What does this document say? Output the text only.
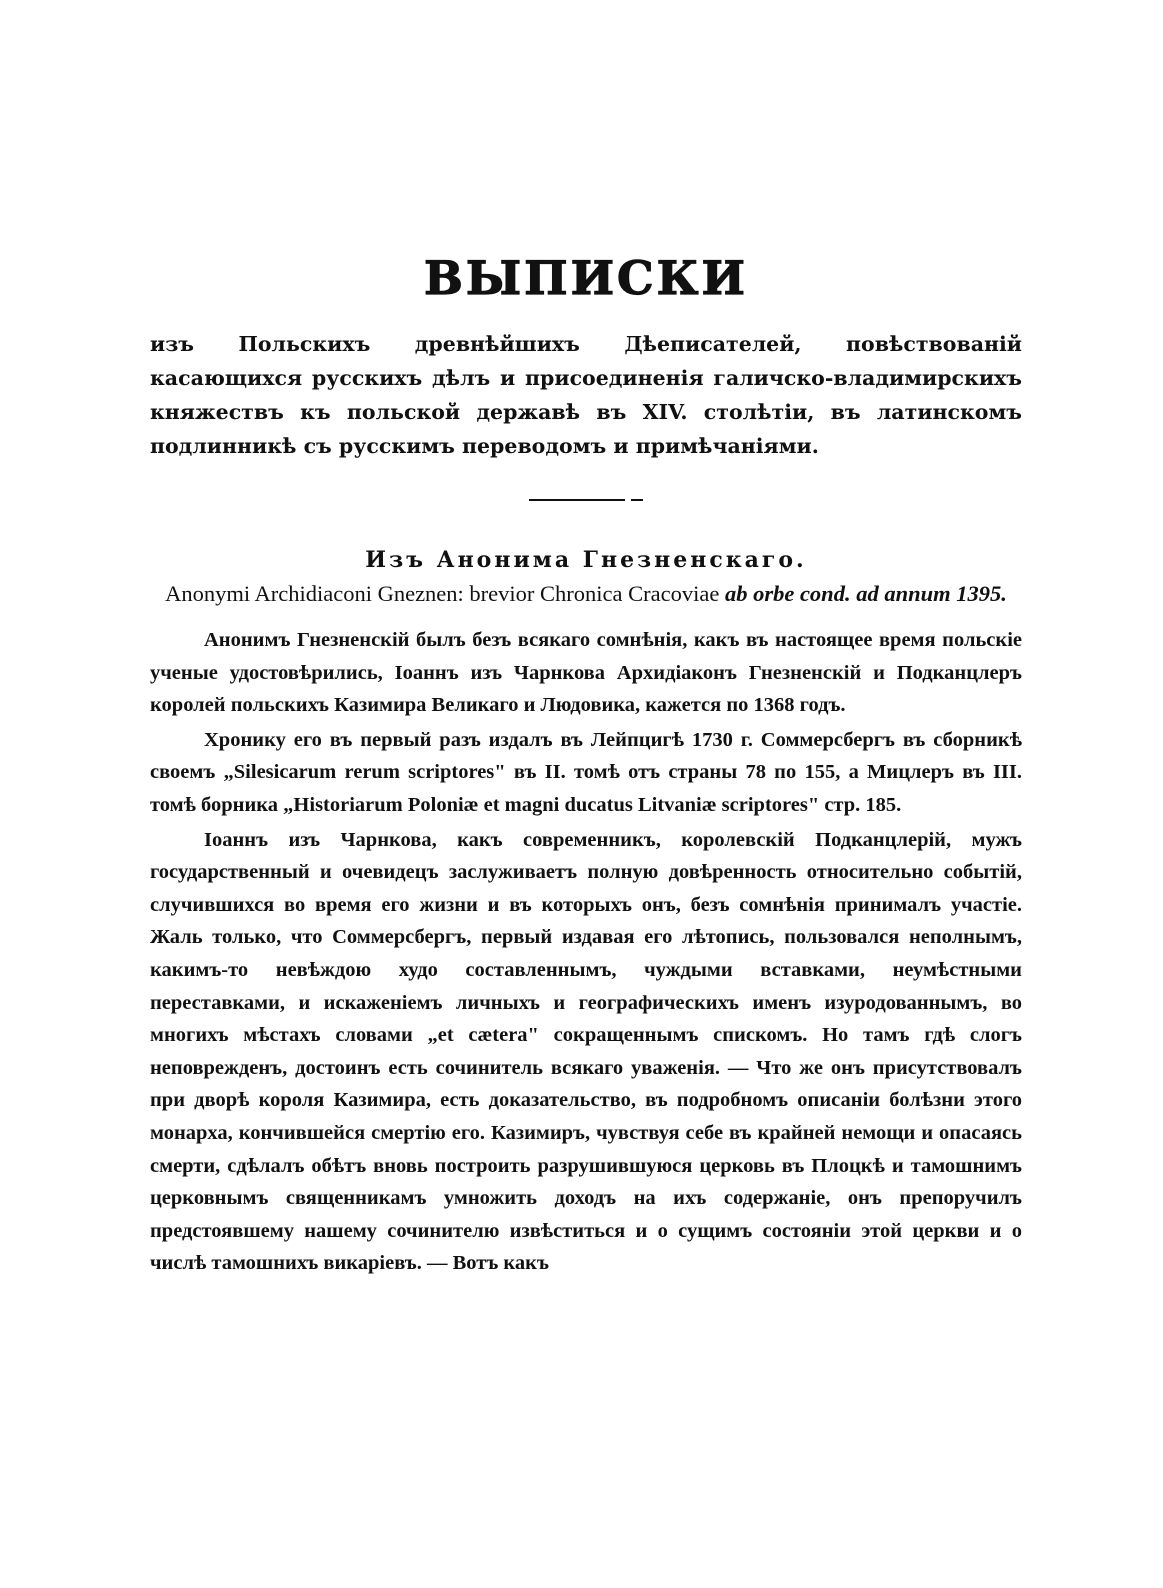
ВЫПИСКИ

изъ Польскихъ древнѣйшихъ Дѣеписателей, повѣствованій касающихся русскихъ дѣлъ и присоединенія галичско-владимирскихъ княжествъ къ польской державѣ въ XIV. столѣтіи, въ латинскомъ подлинникѣ съ русскимъ переводомъ и примѣчаніями.

Изъ Анонима Гнезненскаго.

Anonymi Archidiaconi Gneznen: brevior Chronica Cracoviae ab orbe cond. ad annum 1395.

Анонимъ Гнезненскій былъ безъ всякаго сомнѣнія, какъ въ настоящее время польскіе ученые удостовѣрились, Іоаннъ изъ Чарнкова Архидіаконъ Гнезненскій и Подканцлеръ королей польскихъ Казимира Великаго и Людовика, кажется по 1368 годъ.

Хронику его въ первый разъ издалъ въ Лейпцигѣ 1730 г. Соммерсбергъ въ сборникѣ своемъ „Silesicarum rerum scriptores" въ II. томѣ отъ страны 78 по 155, а Мицлеръ въ III. томѣ борника „Historiarum Poloniæ et magni ducatus Litvaniæ scriptores" стр. 185.

Іоаннъ изъ Чарнкова, какъ современникъ, королевскій Подканцлерій, мужъ государственный и очевидецъ заслуживаетъ полную довѣренность относительно событій, случившихся во время его жизни и въ которыхъ онъ, безъ сомнѣнія принималъ участіе. Жаль только, что Соммерсбергъ, первый издавая его лѣтопись, пользовался неполнымъ, какимъ-то невѣждою худо составленнымъ, чуждыми вставками, неумѣстными переставками, и искаженіемъ личныхъ и географическихъ именъ изуродованнымъ, во многихъ мѣстахъ словами „et cætera" сокращеннымъ спискомъ. Но тамъ гдѣ слогъ неповрежденъ, достоинъ есть сочинитель всякаго уваженія. — Что же онъ присутствовалъ при дворѣ короля Казимира, есть доказательство, въ подробномъ описаніи болѣзни этого монарха, кончившейся смертію его. Казимиръ, чувствуя себе въ крайней немощи и опасаясь смерти, сдѣлалъ обѣтъ вновь построить разрушившуюся церковь въ Плоцкѣ и тамошнимъ церковнымъ священникамъ умножить доходъ на ихъ содержаніе, онъ препоручилъ предстоявшему нашему сочинителю извѣститься и о сущимъ состояніи этой церкви и о числѣ тамошнихъ викаріевъ. — Вотъ какъ
